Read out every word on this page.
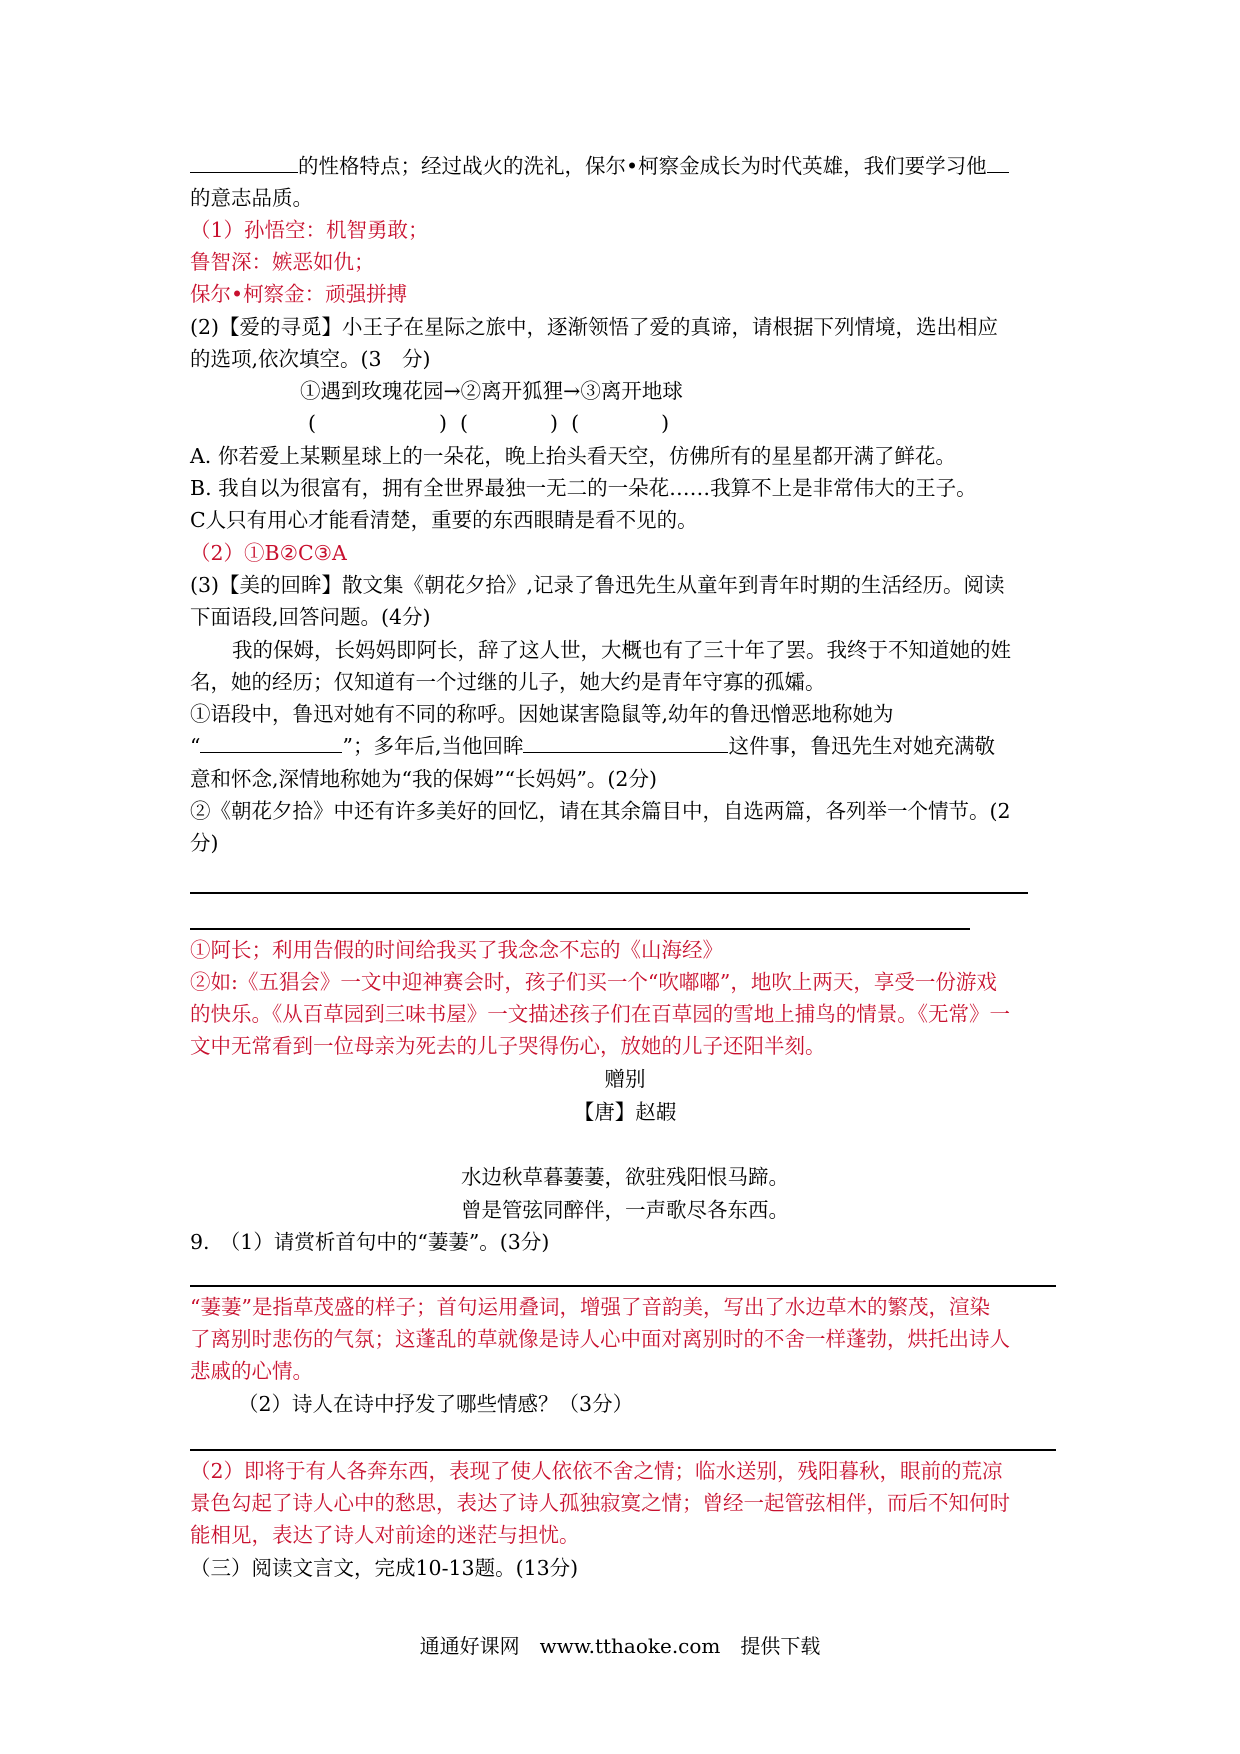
的性格特点；经过战火的洗礼，保尔•柯察金成长为时代英雄，我们要学习他
的意志品质。
（1）孙悟空：机智勇敢；
鲁智深：嫉恶如仇；
保尔•柯察金：顽强拼搏
(2)【爱的寻觅】小王子在星际之旅中，逐渐领悟了爱的真谛，请根据下列情境，选出相应
的选项,依次填空。(3　分)
①遇到玫瑰花园→②离开狐狸→③离开地球
(　　　　　　) (　　　　) (　　　　)
A. 你若爱上某颗星球上的一朵花，晚上抬头看天空，仿佛所有的星星都开满了鲜花。
B. 我自以为很富有，拥有全世界最独一无二的一朵花……我算不上是非常伟大的王子。
C人只有用心才能看清楚，重要的东西眼睛是看不见的。
（2）①B②C③A
(3)【美的回眸】散文集《朝花夕拾》,记录了鲁迅先生从童年到青年时期的生活经历。阅读
下面语段,回答问题。(4分)
我的保姆，长妈妈即阿长，辞了这人世，大概也有了三十年了罢。我终于不知道她的姓
名，她的经历；仅知道有一个过继的儿子，她大约是青年守寡的孤孀。
①语段中，鲁迅对她有不同的称呼。因她谋害隐鼠等,幼年的鲁迅憎恶地称她为
“	”；多年后,当他回眸	这件事，鲁迅先生对她充满敬
意和怀念,深情地称她为“我的保姆”“长妈妈”。(2分)
②《朝花夕拾》中还有许多美好的回忆，请在其余篇目中，自选两篇，各列举一个情节。(2
分)
①阿长；利用告假的时间给我买了我念念不忘的《山海经》
②如:《五猖会》一文中迎神赛会时，孩子们买一个“吹嘟嘟”，地吹上两天，享受一份游戏
的快乐。《从百草园到三味书屋》一文描述孩子们在百草园的雪地上捕鸟的情景。《无常》一
文中无常看到一位母亲为死去的儿子哭得伤心，放她的儿子还阳半刻。
赠别
【唐】赵嘏
水边秋草暮萋萋，欲驻残阳恨马蹄。
曾是管弦同醉伴，一声歌尽各东西。
9.　（1）请赏析首句中的“萋萋”。(3分)
“萋萋”是指草茂盛的样子；首句运用叠词，增强了音韵美，写出了水边草木的繁茂，渲染
了离别时悲伤的气氛；这蓬乱的草就像是诗人心中面对离别时的不舍一样蓬勃，烘托出诗人
悲戚的心情。
（2）诗人在诗中抒发了哪些情感？（3分）
（2）即将于有人各奔东西，表现了使人依依不舍之情；临水送别，残阳暮秋，眼前的荒凉
景色勾起了诗人心中的愁思，表达了诗人孤独寂寞之情；曾经一起管弦相伴，而后不知何时
能相见，表达了诗人对前途的迷茫与担忧。
（三）阅读文言文，完成10-13题。(13分)
通通好课网　www.tthaoke.com　提供下载
